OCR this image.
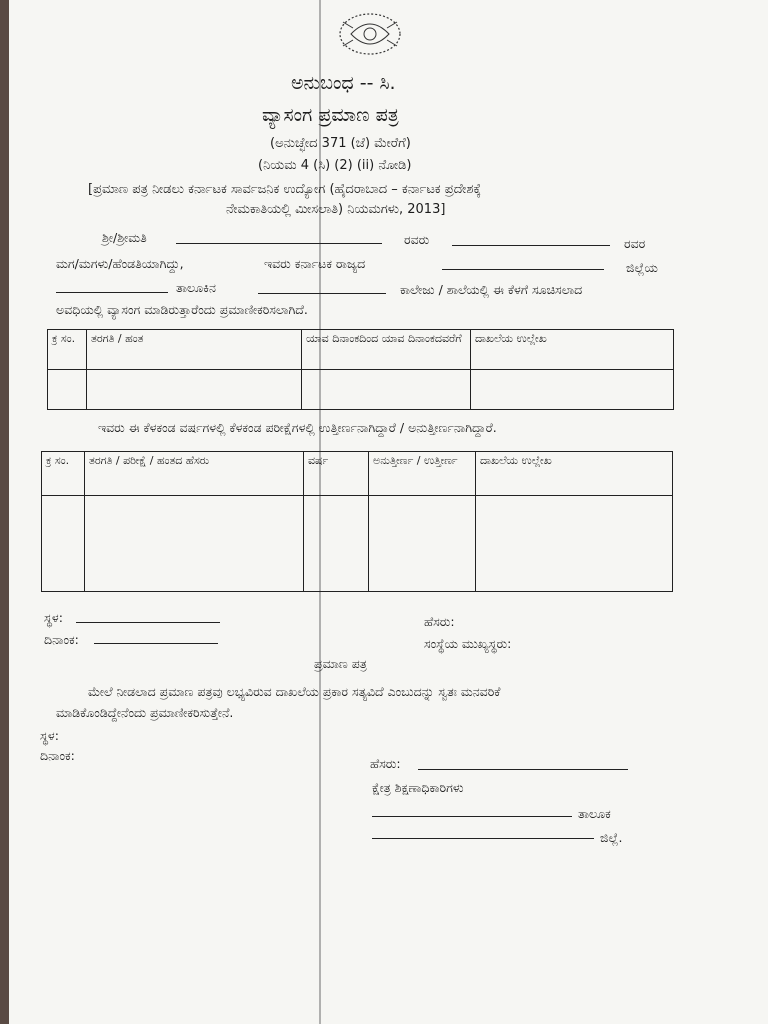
ಅನುಬಂಧ -- ಸಿ.
ವ್ಯಾಸಂಗ ಪ್ರಮಾಣ ಪತ್ರ
(ಅನುಚ್ಛೇದ 371 (ಜೆ) ಮೇರೆಗೆ)
(ನಿಯಮ 4 (ಸಿ) (2) (ii) ನೋಡಿ)
[ಪ್ರಮಾಣ ಪತ್ರ ನೀಡಲು ಕರ್ನಾಟಕ ಸಾರ್ವಜನಿಕ ಉದ್ಯೋಗ (ಹೈದರಾಬಾದ – ಕರ್ನಾಟಕ ಪ್ರದೇಶಕ್ಕೆ
ನೇಮಕಾತಿಯಲ್ಲಿ ಮೀಸಲಾತಿ) ನಿಯಮಗಳು, 2013]
ಶ್ರೀ/ಶ್ರೀಮತಿ	ರವರು	ರವರ
ಮಗ/ಮಗಳು/ಹೆಂಡತಿಯಾಗಿದ್ದು,	ಇವರು ಕರ್ನಾಟಕ ರಾಜ್ಯದ	ಜಿಲ್ಲೆಯ
ತಾಲೂಕಿನ	ಕಾಲೇಜು / ಶಾಲೆಯಲ್ಲಿ ಈ ಕೆಳಗೆ ಸೂಚಿಸಲಾದ
ಅವಧಿಯಲ್ಲಿ ವ್ಯಾಸಂಗ ಮಾಡಿರುತ್ತಾರೆಂದು ಪ್ರಮಾಣೀಕರಿಸಲಾಗಿದೆ.
ಕ್ರ ಸಂ.	ತರಗತಿ / ಹಂತ	ಯಾವ ದಿನಾಂಕದಿಂದ ಯಾವ ದಿನಾಂಕದವರೆಗೆ	ದಾಖಲೆಯ ಉಲ್ಲೇಖ

ಇವರು ಈ ಕೆಳಕಂಡ ವರ್ಷಗಳಲ್ಲಿ ಕೆಳಕಂಡ ಪರೀಕ್ಷೆಗಳಲ್ಲಿ ಉತ್ತೀರ್ಣನಾಗಿದ್ದಾರೆ / ಅನುತ್ತೀರ್ಣನಾಗಿದ್ದಾರೆ.
ಕ್ರ ಸಂ.	ತರಗತಿ / ಪರೀಕ್ಷೆ / ಹಂತದ ಹೆಸರು	ವರ್ಷ	ಅನುತ್ತೀರ್ಣ / ಉತ್ತೀರ್ಣ	ದಾಖಲೆಯ ಉಲ್ಲೇಖ

ಸ್ಥಳ:
ದಿನಾಂಕ:
ಹೆಸರು:
ಸಂಸ್ಥೆಯ ಮುಖ್ಯಸ್ಥರು:
ಪ್ರಮಾಣ ಪತ್ರ
ಮೇಲೆ ನೀಡಲಾದ ಪ್ರಮಾಣ ಪತ್ರವು ಲಭ್ಯವಿರುವ ದಾಖಲೆಯ ಪ್ರಕಾರ ಸತ್ಯವಿದೆ ಎಂಬುದನ್ನು ಸ್ವತಃ ಮನವರಿಕೆ
ಮಾಡಿಕೊಂಡಿದ್ದೇನೆಂದು ಪ್ರಮಾಣೀಕರಿಸುತ್ತೇನೆ.
ಸ್ಥಳ:
ದಿನಾಂಕ:
ಹೆಸರು:
ಕ್ಷೇತ್ರ ಶಿಕ್ಷಣಾಧಿಕಾರಿಗಳು
ತಾಲೂಕ
ಜಿಲ್ಲೆ.
